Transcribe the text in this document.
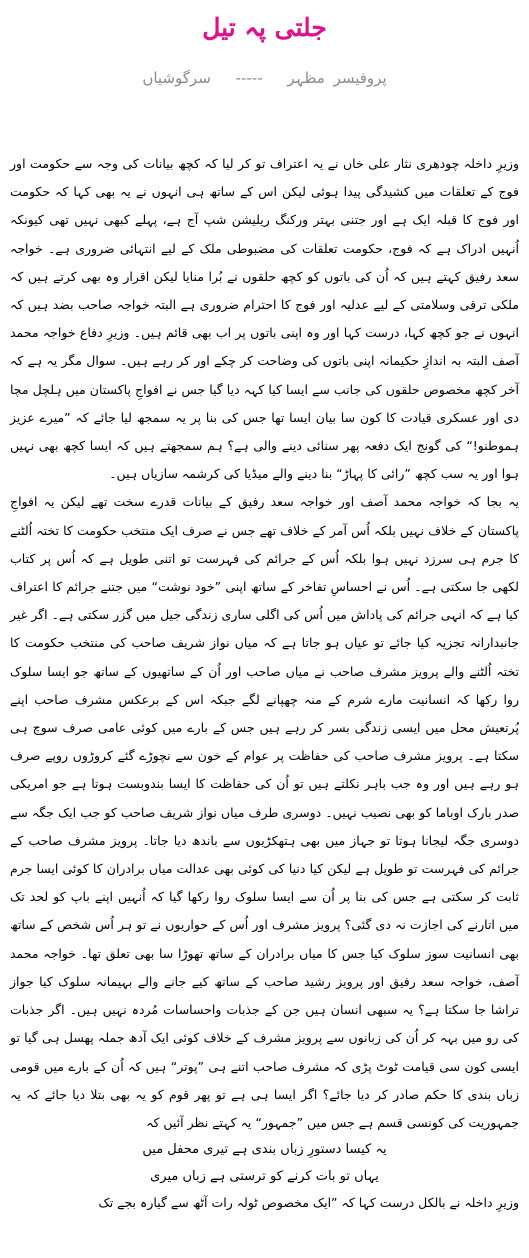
جلتی پہ تیل
پروفیسر مظہر ----- سرگوشیاں

وزیرِ داخلہ چودھری نثار علی خاں نے یہ اعتراف تو کر لیا کہ کچھ بیانات کی وجہ سے حکومت اور فوج کے تعلقات میں کشیدگی پیدا ہوئی لیکن اس کے ساتھ ہی انہوں نے یہ بھی کہا کہ حکومت اور فوج کا قبلہ ایک ہے اور جتنی بہتر ورکنگ ریلیشن شپ آج ہے، پہلے کبھی نہیں تھی کیونکہ اُنہیں ادراک ہے کہ فوج، حکومت تعلقات کی مضبوطی ملک کے لیے انتہائی ضروری ہے۔ خواجہ سعد رفیق کہتے ہیں کہ اُن کی باتوں کو کچھ حلقوں نے بُرا منایا لیکن اقرار وہ بھی کرتے ہیں کہ ملکی ترقی وسلامتی کے لیے عدلیہ اور فوج کا احترام ضروری ہے البتہ خواجہ صاحب بضد ہیں کہ انہوں نے جو کچھ کہا، درست کہا اور وہ اپنی باتوں پر اب بھی قائم ہیں۔ وزیرِ دفاع خواجہ محمد آصف البتہ بہ اندازِ حکیمانہ اپنی باتوں کی وضاحت کر چکے اور کر رہے ہیں۔ سوال مگر یہ ہے کہ آخر کچھ مخصوص حلقوں کی جانب سے ایسا کیا کہہ دیا گیا جس نے افواجِ پاکستان میں ہلچل مچا دی اور عسکری قیادت کا کون سا بیان ایسا تھا جس کی بنا پر یہ سمجھ لیا جائے کہ ”میرے عزیز ہموطنو!“ کی گونج ایک دفعہ پھر سنائی دینے والی ہے؟ ہم سمجھتے ہیں کہ ایسا کچھ بھی نہیں ہوا اور یہ سب کچھ ”رائی کا پہاڑ“ بنا دینے والے میڈیا کی کرشمہ سازیاں ہیں۔

یہ بجا کہ خواجہ محمد آصف اور خواجہ سعد رفیق کے بیانات قدرے سخت تھے لیکن یہ افواجِ پاکستان کے خلاف نہیں بلکہ اُس آمر کے خلاف تھے جس نے صرف ایک منتخب حکومت کا تختہ اُلٹنے کا جرم ہی سرزد نہیں ہوا بلکہ اُس کے جرائم کی فہرست تو اتنی طویل ہے کہ اُس پر کتاب لکھی جا سکتی ہے۔ اُس نے احساسِ تفاخر کے ساتھ اپنی ”خود نوشت“ میں جتنے جرائم کا اعتراف کیا ہے کہ انہی جرائم کی پاداش میں اُس کی اگلی ساری زندگی جیل میں گزر سکتی ہے۔ اگر غیر جانبدارانہ تجزیہ کیا جائے تو عیاں ہو جاتا ہے کہ میاں نواز شریف صاحب کی منتخب حکومت کا تختہ اُلٹنے والے پرویز مشرف صاحب نے میاں صاحب اور اُن کے ساتھیوں کے ساتھ جو ایسا سلوک روا رکھا کہ انسانیت مارے شرم کے منہ چھپانے لگے جبکہ اس کے برعکس مشرف صاحب اپنے پُرتعیش محل میں ایسی زندگی بسر کر رہے ہیں جس کے بارے میں کوئی عامی صرف سوچ ہی سکتا ہے۔ پرویز مشرف صاحب کی حفاظت پر عوام کے خون سے نچوڑے گئے کروڑوں روپے صرف ہو رہے ہیں اور وہ جب باہر نکلتے ہیں تو اُن کی حفاظت کا ایسا بندوبست ہوتا ہے جو امریکی صدر بارک اوباما کو بھی نصیب نہیں۔ دوسری طرف میاں نواز شریف صاحب کو جب ایک جگہ سے دوسری جگہ لیجانا ہوتا تو جہاز میں بھی ہتھکڑیوں سے باندھ دیا جاتا۔ پرویز مشرف صاحب کے جرائم کی فہرست تو طویل ہے لیکن کیا دنیا کی کوئی بھی عدالت میاں برادران کا کوئی ایسا جرم ثابت کر سکتی ہے جس کی بنا پر اُن سے ایسا سلوک روا رکھا گیا کہ اُنہیں اپنے باپ کو لحد تک میں اتارنے کی اجازت نہ دی گئی؟ پرویز مشرف اور اُس کے حواریوں نے تو ہر اُس شخص کے ساتھ بھی انسانیت سوز سلوک کیا جس کا میاں برادران کے ساتھ تھوڑا سا بھی تعلق تھا۔ خواجہ محمد آصف، خواجہ سعد رفیق اور پرویز رشید صاحب کے ساتھ کیے جانے والے بہیمانہ سلوک کیا جواز تراشا جا سکتا ہے؟ یہ سبھی انسان ہیں جن کے جذبات واحساسات مُردہ نہیں ہیں۔ اگر جذبات کی رو میں بہہ کر اُن کی زبانوں سے پرویز مشرف کے خلاف کوئی ایک آدھ جملہ پھسل ہی گیا تو ایسی کون سی قیامت ٹوٹ پڑی کہ مشرف صاحب اتنے ہی ”پوتر“ ہیں کہ اُن کے بارے میں قومی زباں بندی کا حکم صادر کر دیا جائے؟ اگر ایسا ہی ہے تو پھر قوم کو یہ بھی بتلا دیا جائے کہ یہ جمہوریت کی کونسی قسم ہے جس میں ”جمہور“ یہ کہتے نظر آئیں کہ

یہ کیسا دستورِ زباں بندی ہے تیری محفل میں

یہاں تو بات کرنے کو ترستی ہے زباں میری

وزیرِ داخلہ نے بالکل درست کہا کہ ”ایک مخصوص ٹولہ رات آٹھ سے گیارہ بجے تک
